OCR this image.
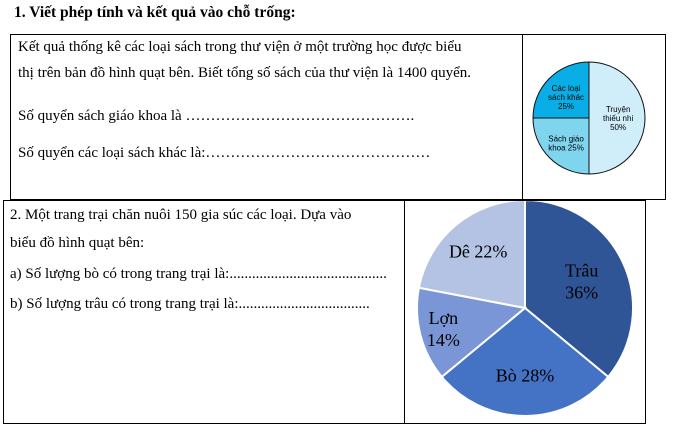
1. Viết phép tính và kết quả vào chỗ trống:
Kết quả thống kê các loại sách trong thư viện ở một trường học được biểu
thị trên bản đồ hình quạt bên. Biết tổng số sách của thư viện là 1400 quyển.
Số quyển sách giáo khoa là ……………………………………….
Số quyển các loại sách khác là:………………………………………
Truyện thiếu nhi 50%
Sách giáo khoa 25%
Các loại sách khác 25%
2. Một trang trại chăn nuôi 150 gia súc các loại. Dựa vào
biểu đồ hình quạt bên:
a) Số lượng bò có trong trang trại là:..........................................
b) Số lượng trâu có trong trang trại là:...................................
Trâu 36%
Bò 28%
Lợn 14%
Dê 22%
